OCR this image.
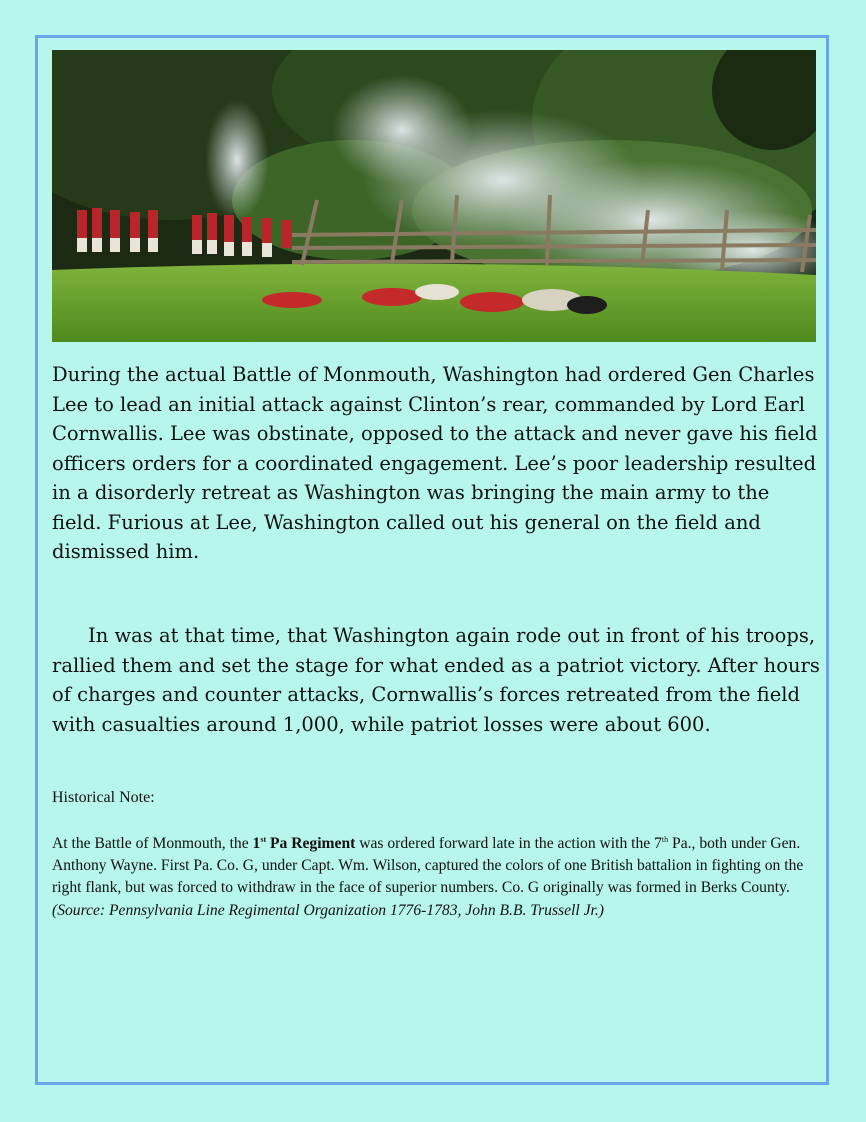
During the actual Battle of Monmouth, Washington had ordered Gen Charles Lee to lead an initial attack against Clinton’s rear, commanded by Lord Earl Cornwallis. Lee was obstinate, opposed to the attack and never gave his field officers orders for a coordinated engagement. Lee’s poor leadership resulted in a disorderly retreat as Washington was bringing the main army to the field. Furious at Lee, Washington called out his general on the field and dismissed him.

In was at that time, that Washington again rode out in front of his troops, rallied them and set the stage for what ended as a patriot victory. After hours of charges and counter attacks, Cornwallis’s forces retreated from the field with casualties around 1,000, while patriot losses were about 600.

Historical Note:

At the Battle of Monmouth, the 1st Pa Regiment was ordered forward late in the action with the 7th Pa., both under Gen. Anthony Wayne. First Pa. Co. G, under Capt. Wm. Wilson, captured the colors of one British battalion in fighting on the right flank, but was forced to withdraw in the face of superior numbers. Co. G originally was formed in Berks County. (Source: Pennsylvania Line Regimental Organization 1776-1783, John B.B. Trussell Jr.)
